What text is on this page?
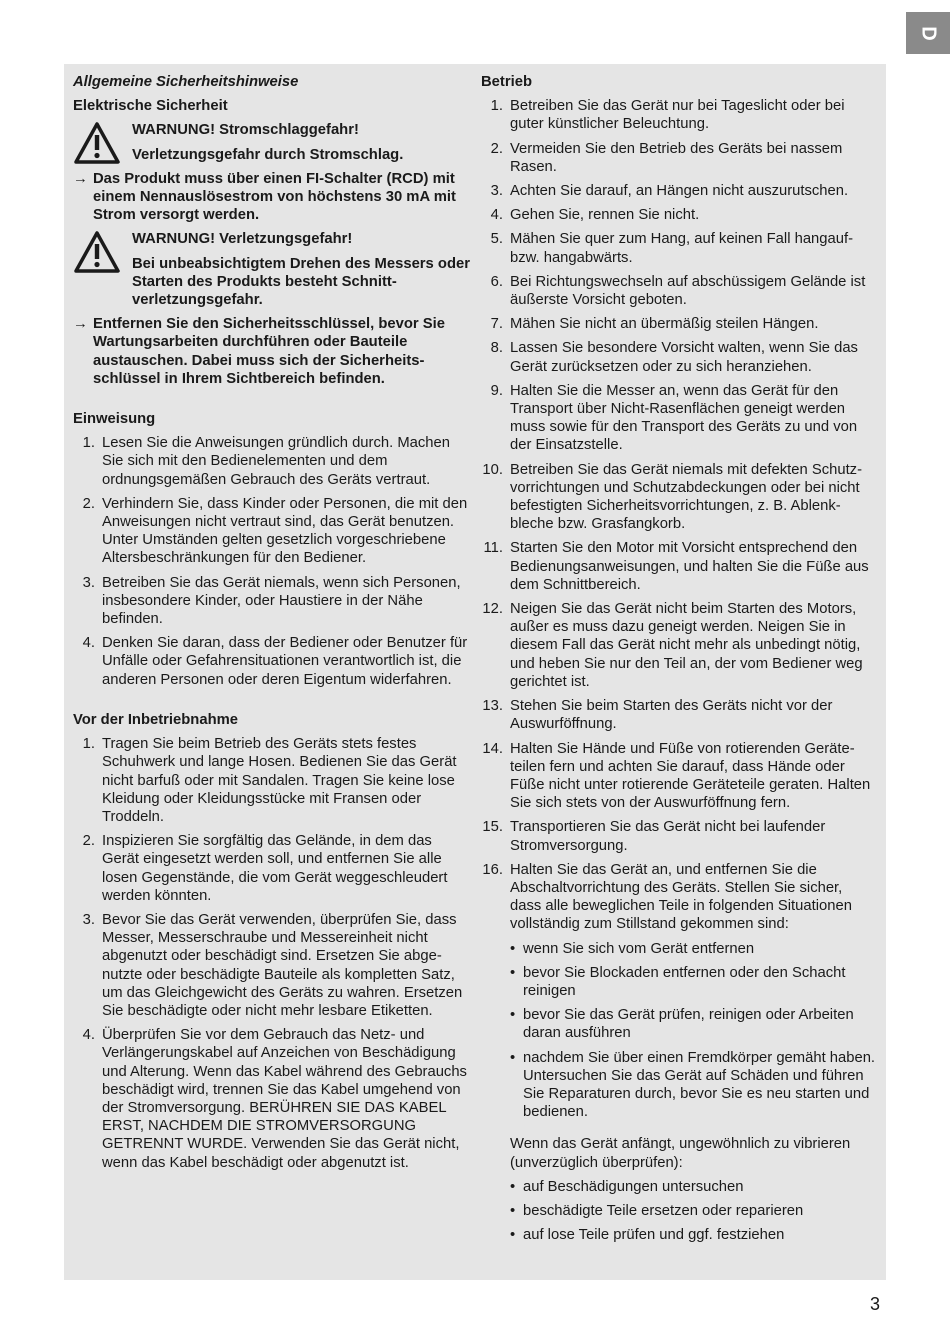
D
Allgemeine Sicherheitshinweise
Elektrische Sicherheit

WARNUNG! Stromschlaggefahr!

Verletzungsgefahr durch Stromschlag.

→ Das Produkt muss über einen FI-Schalter (RCD) mit einem Nennauslösestrom von höchstens 30 mA mit Strom versorgt werden.

WARNUNG! Verletzungsgefahr!

Bei unbeabsichtigtem Drehen des Messers oder Starten des Produkts besteht Schnittverletzungsgefahr.

→ Entfernen Sie den Sicherheitsschlüssel, bevor Sie Wartungsarbeiten durchführen oder Bauteile austauschen. Dabei muss sich der Sicherheitsschlüssel in Ihrem Sichtbereich befinden.
Einweisung
1. Lesen Sie die Anweisungen gründlich durch. Machen Sie sich mit den Bedienelementen und dem ordnungsgemäßen Gebrauch des Geräts vertraut.
2. Verhindern Sie, dass Kinder oder Personen, die mit den Anweisungen nicht vertraut sind, das Gerät benutzen. Unter Umständen gelten gesetzlich vorgeschriebene Altersbeschränkungen für den Bediener.
3. Betreiben Sie das Gerät niemals, wenn sich Personen, insbesondere Kinder, oder Haustiere in der Nähe befinden.
4. Denken Sie daran, dass der Bediener oder Benutzer für Unfälle oder Gefahrensituationen verantwortlich ist, die anderen Personen oder deren Eigentum widerfahren.
Vor der Inbetriebnahme
1. Tragen Sie beim Betrieb des Geräts stets festes Schuhwerk und lange Hosen. Bedienen Sie das Gerät nicht barfuß oder mit Sandalen. Tragen Sie keine lose Kleidung oder Kleidungsstücke mit Fransen oder Troddeln.
2. Inspizieren Sie sorgfältig das Gelände, in dem das Gerät eingesetzt werden soll, und entfernen Sie alle losen Gegenstände, die vom Gerät weggeschleudert werden könnten.
3. Bevor Sie das Gerät verwenden, überprüfen Sie, dass Messer, Messerschraube und Messereinheit nicht abgenutzt oder beschädigt sind. Ersetzen Sie abgenutzte oder beschädigte Bauteile als kompletten Satz, um das Gleichgewicht des Geräts zu wahren. Ersetzen Sie beschädigte oder nicht mehr lesbare Etiketten.
4. Überprüfen Sie vor dem Gebrauch das Netz- und Verlängerungskabel auf Anzeichen von Beschädigung und Alterung. Wenn das Kabel während des Gebrauchs beschädigt wird, trennen Sie das Kabel umgehend von der Stromversorgung. BERÜHREN SIE DAS KABEL ERST, NACHDEM DIE STROMVERSORGUNG GETRENNT WURDE. Verwenden Sie das Gerät nicht, wenn das Kabel beschädigt oder abgenutzt ist.
Betrieb
1. Betreiben Sie das Gerät nur bei Tageslicht oder bei guter künstlicher Beleuchtung.
2. Vermeiden Sie den Betrieb des Geräts bei nassem Rasen.
3. Achten Sie darauf, an Hängen nicht auszurutschen.
4. Gehen Sie, rennen Sie nicht.
5. Mähen Sie quer zum Hang, auf keinen Fall hangauf- bzw. hangabwärts.
6. Bei Richtungswechseln auf abschüssigem Gelände ist äußerste Vorsicht geboten.
7. Mähen Sie nicht an übermäßig steilen Hängen.
8. Lassen Sie besondere Vorsicht walten, wenn Sie das Gerät zurücksetzen oder zu sich heranziehen.
9. Halten Sie die Messer an, wenn das Gerät für den Transport über Nicht-Rasenflächen geneigt werden muss sowie für den Transport des Geräts zu und von der Einsatzstelle.
10. Betreiben Sie das Gerät niemals mit defekten Schutzvorrichtungen und Schutzabdeckungen oder bei nicht befestigten Sicherheitsvorrichtungen, z. B. Ablenkbleche bzw. Grasfangkorb.
11. Starten Sie den Motor mit Vorsicht entsprechend den Bedienungsanweisungen, und halten Sie die Füße aus dem Schnittbereich.
12. Neigen Sie das Gerät nicht beim Starten des Motors, außer es muss dazu geneigt werden. Neigen Sie in diesem Fall das Gerät nicht mehr als unbedingt nötig, und heben Sie nur den Teil an, der vom Bediener weg gerichtet ist.
13. Stehen Sie beim Starten des Geräts nicht vor der Auswurföffnung.
14. Halten Sie Hände und Füße von rotierenden Geräteteilen fern und achten Sie darauf, dass Hände oder Füße nicht unter rotierende Geräteteile geraten. Halten Sie sich stets von der Auswurföffnung fern.
15. Transportieren Sie das Gerät nicht bei laufender Stromversorgung.
16. Halten Sie das Gerät an, und entfernen Sie die Abschaltvorrichtung des Geräts. Stellen Sie sicher, dass alle beweglichen Teile in folgenden Situationen vollständig zum Stillstand gekommen sind:
• wenn Sie sich vom Gerät entfernen
• bevor Sie Blockaden entfernen oder den Schacht reinigen
• bevor Sie das Gerät prüfen, reinigen oder Arbeiten daran ausführen
• nachdem Sie über einen Fremdkörper gemäht haben. Untersuchen Sie das Gerät auf Schäden und führen Sie Reparaturen durch, bevor Sie es neu starten und bedienen.
Wenn das Gerät anfängt, ungewöhnlich zu vibrieren (unverzüglich überprüfen):
• auf Beschädigungen untersuchen
• beschädigte Teile ersetzen oder reparieren
• auf lose Teile prüfen und ggf. festziehen
3
